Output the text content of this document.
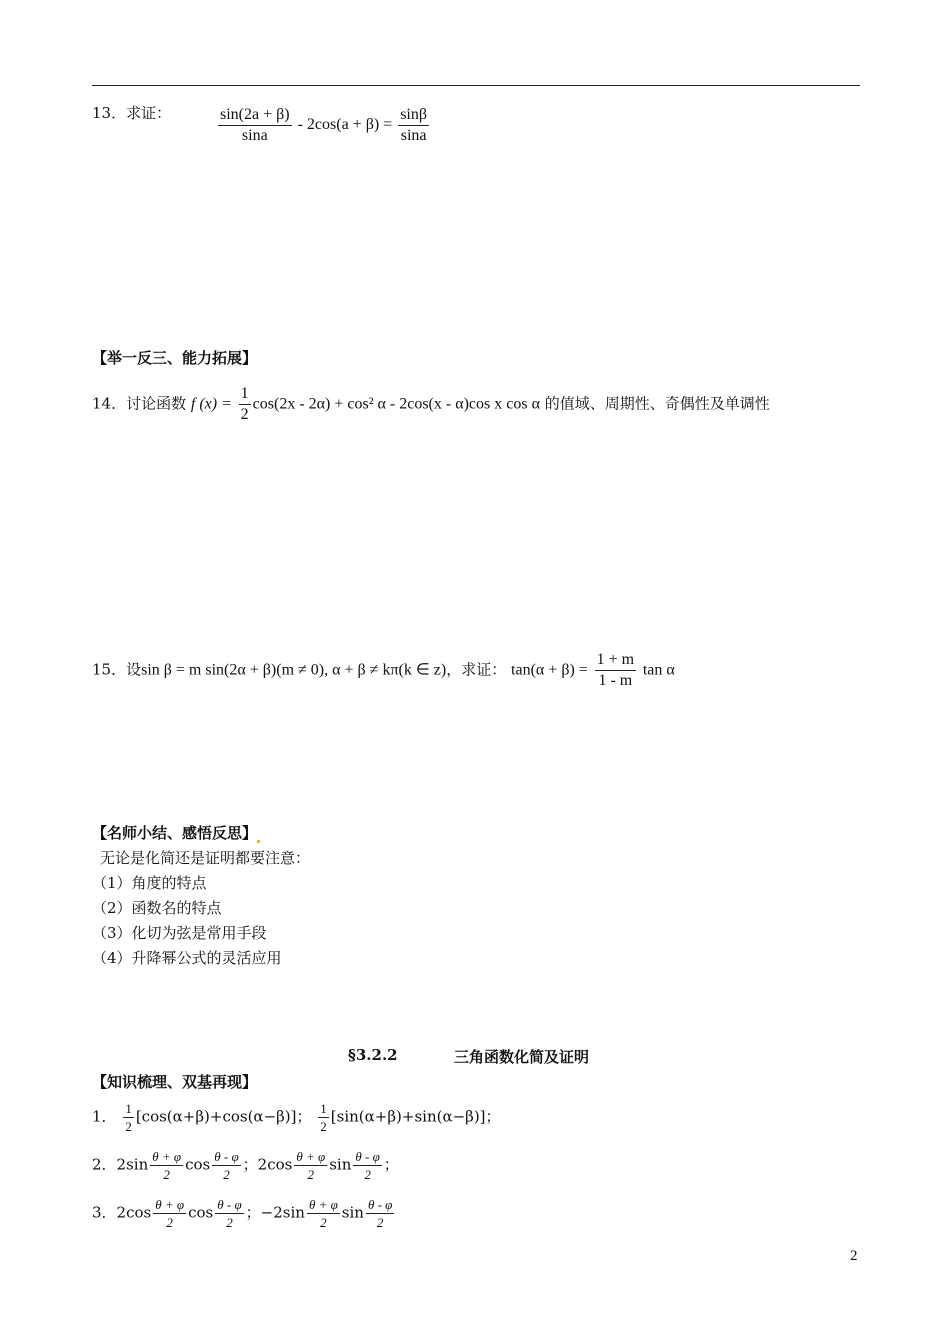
13．求证：	$\frac{\sin(2a + \beta)}{\sin a} - 2\cos(a + \beta) = \frac{\sin\beta}{\sin a}$
【举一反三、能力拓展】
14．讨论函数 f $(x) = \frac{1}{2} \cos(2x - 2\alpha) + \cos^2$ α - 2cos(x - α)cos x cos α 的值域、周期性、奇偶性及单调性
15．设sin β = m sin(2α + β)(m ≠ 0), α + β ≠ kπ(k ∈ z)，求证： $\tan(\alpha + \beta) = \frac{1 + m}{1 - m}$ tan α
【名师小结、感悟反思】
无论是化简还是证明都要注意：
（1）角度的特点
（2）函数名的特点
（3）化切为弦是常用手段
（4）升降幂公式的灵活应用
§3.2.2	三角函数化简及证明
【知识梳理、双基再现】
1． $\frac{1}{2} [\cos(\alpha+\beta)+\cos(\alpha-\beta)]$； $\frac{1}{2} [\sin(\alpha+\beta)+\sin(\alpha-\beta)]$；
2．$2\sin \frac{\theta + \varphi}{2}$ $\cos \frac{\theta - \varphi}{2}$ ；$2\cos \frac{\theta + \varphi}{2}$ $\sin \frac{\theta - \varphi}{2}$ ；
3．$2\cos \frac{\theta + \varphi}{2}$ $\cos \frac{\theta - \varphi}{2}$ ；$-2\sin \frac{\theta + \varphi}{2}$ $\sin \frac{\theta - \varphi}{2}$
2
